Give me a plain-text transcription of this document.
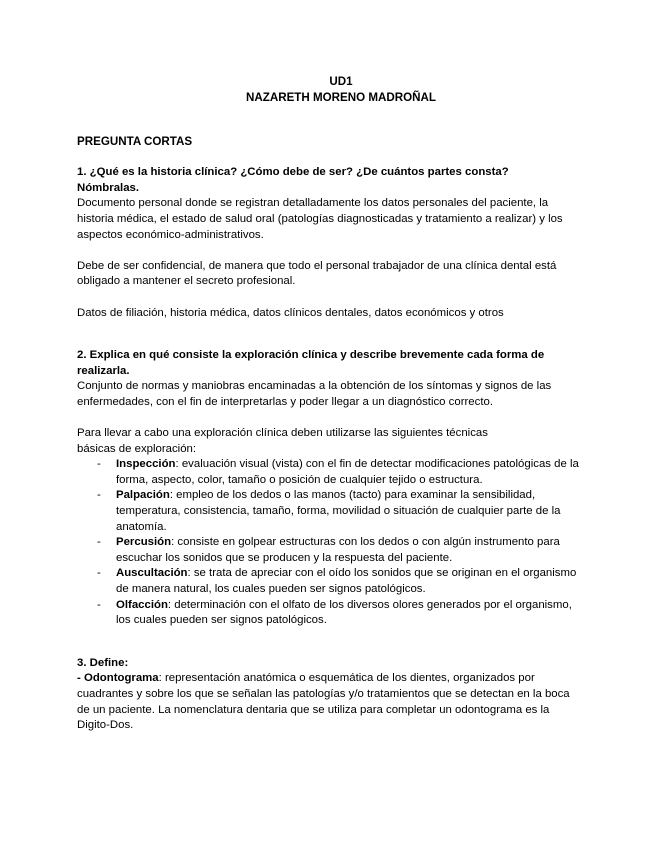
UD1
NAZARETH MORENO MADROÑAL
PREGUNTA CORTAS
1. ¿Qué es la historia clínica? ¿Cómo debe de ser? ¿De cuántos partes consta?
Nómbralas.

Documento personal donde se registran detalladamente los datos personales del paciente, la historia médica, el estado de salud oral (patologías diagnosticadas y tratamiento a realizar) y los aspectos económico-administrativos.

Debe de ser confidencial, de manera que todo el personal trabajador de una clínica dental está obligado a mantener el secreto profesional.

Datos de filiación, historia médica, datos clínicos dentales, datos económicos y otros

2. Explica en qué consiste la exploración clínica y describe brevemente cada forma de realizarla.

Conjunto de normas y maniobras encaminadas a la obtención de los síntomas y signos de las enfermedades, con el fin de interpretarlas y poder llegar a un diagnóstico correcto.

Para llevar a cabo una exploración clínica deben utilizarse las siguientes técnicas
básicas de exploración:
- Inspección: evaluación visual (vista) con el fin de detectar modificaciones patológicas de la forma, aspecto, color, tamaño o posición de cualquier tejido o estructura.
- Palpación: empleo de los dedos o las manos (tacto) para examinar la sensibilidad, temperatura, consistencia, tamaño, forma, movilidad o situación de cualquier parte de la anatomía.
- Percusión: consiste en golpear estructuras con los dedos o con algún instrumento para escuchar los sonidos que se producen y la respuesta del paciente.
- Auscultación: se trata de apreciar con el oído los sonidos que se originan en el organismo de manera natural, los cuales pueden ser signos patológicos.
- Olfacción: determinación con el olfato de los diversos olores generados por el organismo, los cuales pueden ser signos patológicos.

3. Define:

- Odontograma: representación anatómica o esquemática de los dientes, organizados por cuadrantes y sobre los que se señalan las patologías y/o tratamientos que se detectan en la boca de un paciente. La nomenclatura dentaria que se utiliza para completar un odontograma es la Digito-Dos.
